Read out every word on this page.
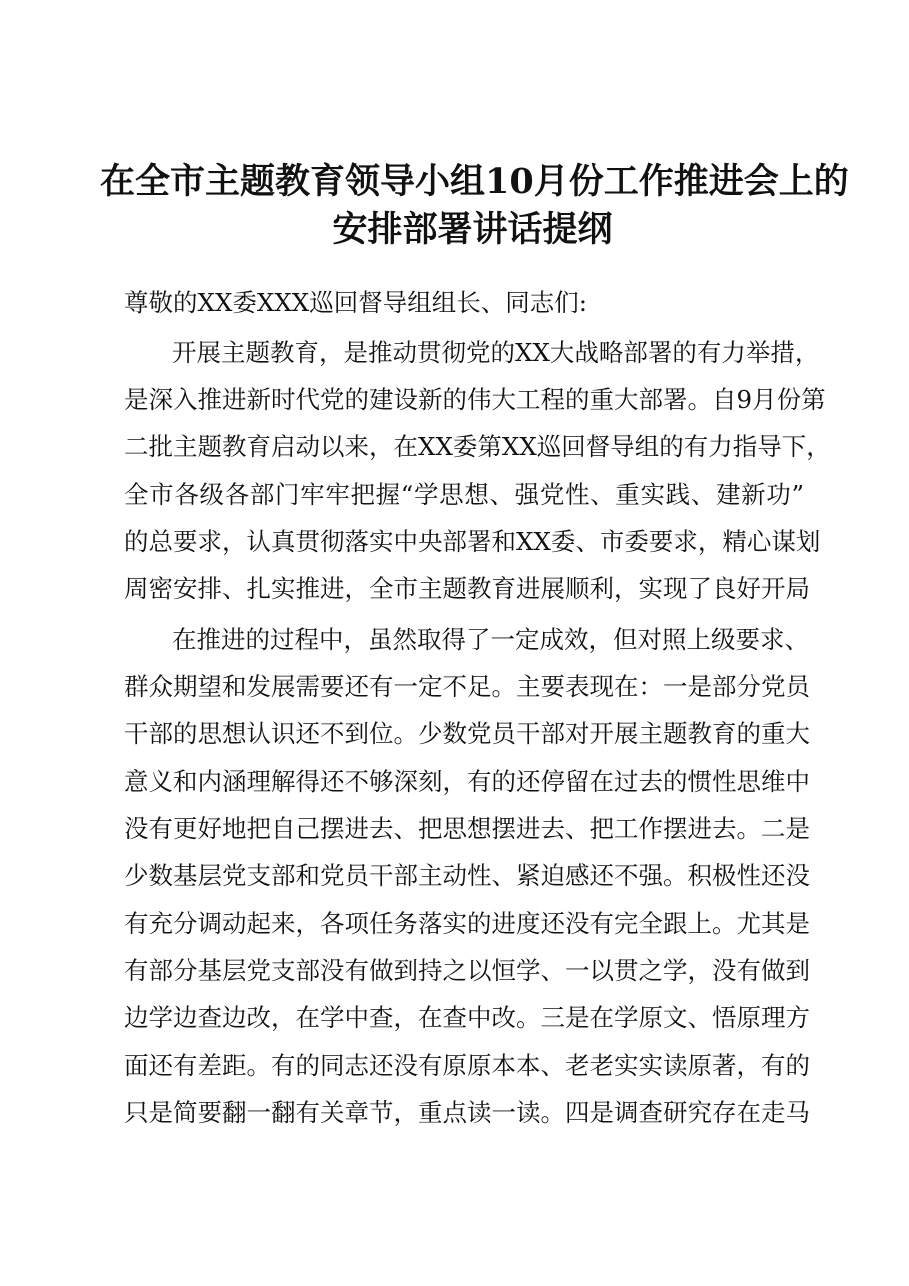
在全市主题教育领导小组10月份工作推进会上的
安排部署讲话提纲

尊敬的XX委XXX巡回督导组组长、同志们:

开展主题教育，是推动贯彻党的XX大战略部署的有力举措，

是深入推进新时代党的建设新的伟大工程的重大部署。自9月份第

二批主题教育启动以来，在XX委第XX巡回督导组的有力指导下，

全市各级各部门牢牢把握“学思想、强党性、重实践、建新功”

的总要求，认真贯彻落实中央部署和XX委、市委要求，精心谋划

周密安排、扎实推进，全市主题教育进展顺利，实现了良好开局

在推进的过程中，虽然取得了一定成效，但对照上级要求、

群众期望和发展需要还有一定不足。主要表现在：一是部分党员

干部的思想认识还不到位。少数党员干部对开展主题教育的重大

意义和内涵理解得还不够深刻，有的还停留在过去的惯性思维中

没有更好地把自己摆进去、把思想摆进去、把工作摆进去。二是

少数基层党支部和党员干部主动性、紧迫感还不强。积极性还没

有充分调动起来，各项任务落实的进度还没有完全跟上。尤其是

有部分基层党支部没有做到持之以恒学、一以贯之学，没有做到

边学边查边改，在学中查，在查中改。三是在学原文、悟原理方

面还有差距。有的同志还没有原原本本、老老实实读原著，有的

只是简要翻一翻有关章节，重点读一读。四是调查研究存在走马
